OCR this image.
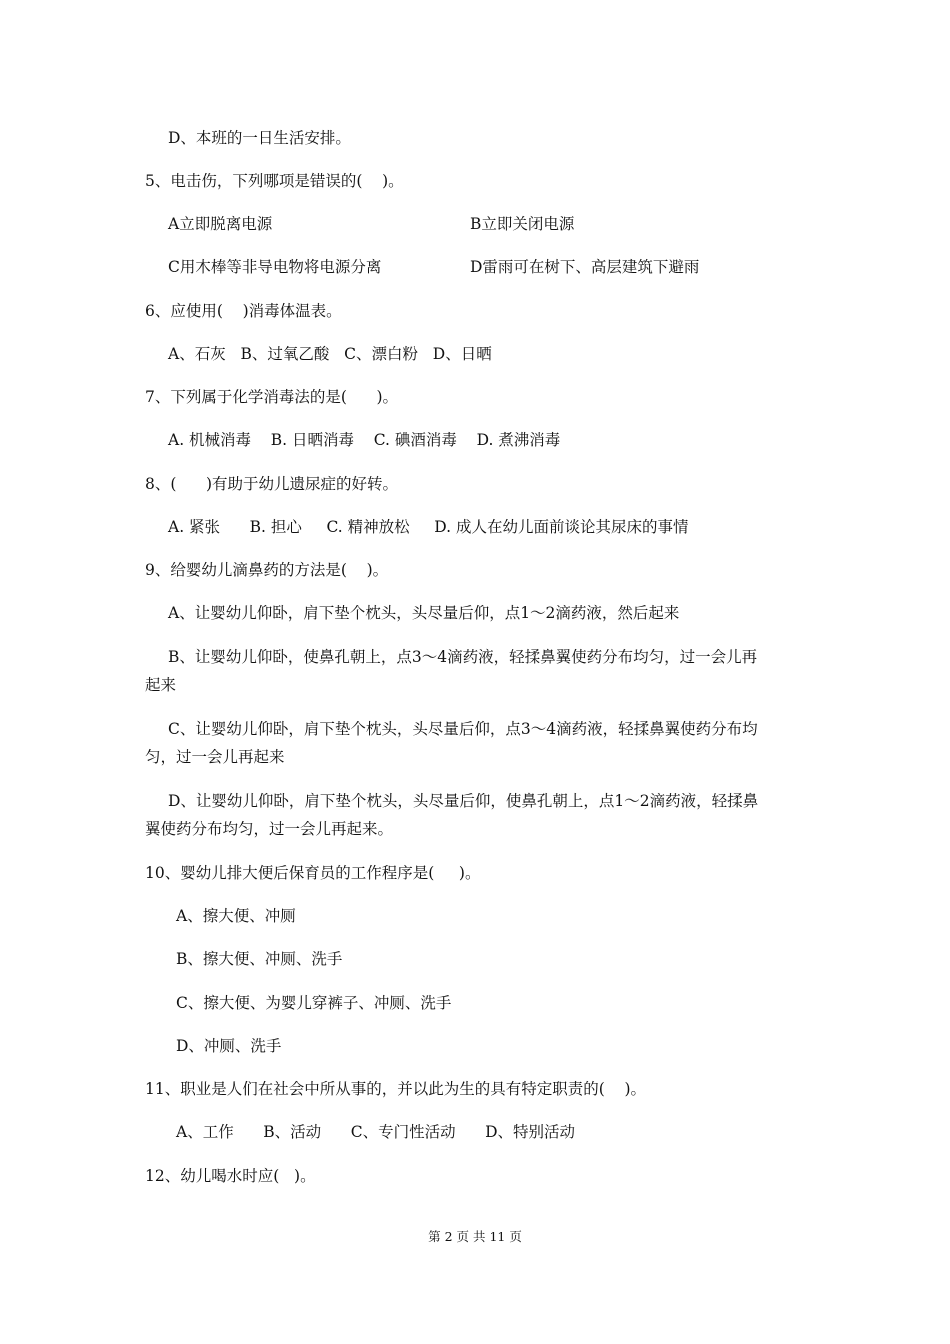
D、本班的一日生活安排。
5、电击伤，下列哪项是错误的(    )。
A立即脱离电源	B立即关闭电源
C用木棒等非导电物将电源分离	D雷雨可在树下、高层建筑下避雨
6、应使用(    )消毒体温表。
A、石灰   B、过氧乙酸   C、漂白粉   D、日晒
7、下列属于化学消毒法的是(      )。
A. 机械消毒    B. 日晒消毒    C. 碘酒消毒    D. 煮沸消毒
8、(      )有助于幼儿遗尿症的好转。
A. 紧张      B. 担心     C. 精神放松     D. 成人在幼儿面前谈论其尿床的事情
9、给婴幼儿滴鼻药的方法是(    )。
A、让婴幼儿仰卧，肩下垫个枕头，头尽量后仰，点1～2滴药液，然后起来
B、让婴幼儿仰卧，使鼻孔朝上，点3～4滴药液，轻揉鼻翼使药分布均匀，过一会儿再
起来
C、让婴幼儿仰卧，肩下垫个枕头，头尽量后仰，点3～4滴药液，轻揉鼻翼使药分布均
匀，过一会儿再起来
D、让婴幼儿仰卧，肩下垫个枕头，头尽量后仰，使鼻孔朝上，点1～2滴药液，轻揉鼻
翼使药分布均匀，过一会儿再起来。
10、婴幼儿排大便后保育员的工作程序是(     )。
A、擦大便、冲厕
B、擦大便、冲厕、洗手
C、擦大便、为婴儿穿裤子、冲厕、洗手
D、冲厕、洗手
11、职业是人们在社会中所从事的，并以此为生的具有特定职责的(    )。
A、工作      B、活动      C、专门性活动      D、特别活动
12、幼儿喝水时应(   )。
第 2 页 共 11 页
